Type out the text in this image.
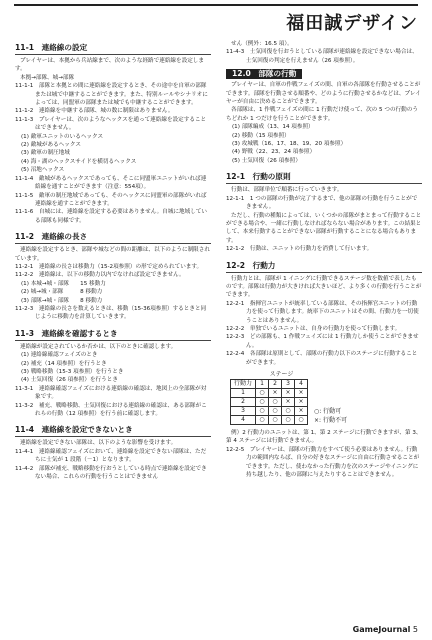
福田誠デザイン
11-1　連絡線の設定
プレイヤーは、本拠から兵站線まで、次のような経路で連絡線を設定します。
本拠→部隊、城→部隊
11-1-1　部隊と本拠との間に連絡線を設定するとき、その途中を自軍の部隊または城で中継することができます。また、特別ルールやシナリオによっては、同盟軍の部隊または城でも中継することができます。
11-1-2　連絡線を中継する部隊、城の数に制限はありません。
11-1-3　プレイヤーは、次のようなヘックスを通って連絡線を設定することはできません。
(1) 敵軍ユニットのいるヘックス
(2) 敵城があるヘックス
(3) 敵軍の制圧地域
(4) 海・湖のヘックスサイドを横切るヘックス
(5) 沼地ヘックス
11-1-4　敵城があるヘックスであっても、そこに同盟軍ユニットがいれば連絡線を通すことができます（注意：554項）。
11-1-5　敵軍の制圧地域であっても、そのヘックスに同盟軍の部隊がいれば連絡線を通すことができます。
11-1-6　自城には、連絡線を設定する必要はありません。自城に地域している部隊も同様です。
11-2　連絡線の長さ
連絡線を設定するとき、部隊や城などの間の距離は、以下のように制限されています。
11-2-1　連絡線の長さは移動力（15-2項参照）の形で定められています。
11-2-2　連絡線は、以下の移動力以内でなければ設定できません。
(1) 本城→城・部隊　　15 移動力
(2) 城→城・部隊　　　8 移動力
(3) 部隊→城・部隊　　8 移動力
11-2-3　連絡線の長さを数えるときは、移動（15-36項参照）するときと同じように移動力を計算していきます。
11-3　連絡線を確認するとき
連絡線が設定されているか否かは、以下のときに確認します。
(1) 連絡線確認フェイズのとき
(2) 補充（14 項参照）を行うとき
(3) 戦略移動（15-3 項参照）を行うとき
(4) 士気回復（26 項参照）を行うとき
11-3-1　連絡線確認フェイズにおける連絡線の確認は、地図上の全部隊が対象です。
11-3-2　補充、戦略移動、士気回復における連絡線の確認は、ある部隊がこれらの行動（12 項参照）を行う前に確認します。
11-4　連絡線を設定できないとき
連絡線を設定できない部隊は、以下のような影響を受けます。
11-4-1　連絡線確認フェイズにおいて、連絡線を設定できない部隊は、ただちに士気が 1 段階（－1）となります。
11-4-2　部隊が補充、戦略移動を行おうとしている時点で連絡線を設定できない場合、これらの行動を行うことはできません
せん（例外：16.5 項）。
11-4-3　士気回復を行おうとしている部隊が連絡線を設定できない場合は、士気回復の判定を行えません（26 項参照）。
12.0　部隊の行動
プレイヤーは、自軍の作戦フェイズの間、自軍の各部隊を行動させることができます。部隊を行動させる順番や、どのように行動させるかなどは、プレイヤーが自由に決めることができます。
各部隊は、1 作戦フェイズの間に 1 行動だけ使って、次の 5 つの行動のうちどれか 1 つだけを行うことができます。
(1) 部隊編成（13、14 項参照）
(2) 移動（15 項参照）
(3) 攻城戦（16、17、18、19、20 項参照）
(4) 野戦（22、23、24 項参照）
(5) 士気回復（26 項参照）
12-1　行動の原則
行動は、部隊単位で順番に行っていきます。
12-1-1　1 つの部隊の行動が完了するまで、他の部隊の行動を行うことができません。
ただし、行動の種類によっては、いくつかの部隊がまとまって行動することができる場合や、一緒に行動しなければならない場合があります。この結果として、本来行動することができない部隊が行動することになる場合もあります。
12-1-2　行動は、ユニットの行動力を消費して行います。
12-2　行動力
行動力とは、部隊が 1 イニングに行動できるステージ数を数値で表したものです。部隊は行動力が大きければ大きいほど、より多くの行動を行うことができます。
12-2-1　指揮官ユニットが統率している部隊は、その指揮官ユニットの行動力を使って行動します。統率下のユニットはその間、行動力を一切使うことはありません。
12-2-2　単独でいるユニットは、自身の行動力を使って行動します。
12-2-3　どの部隊も、1 作戦フェイズには 1 行動力しか使うことができません。
12-2-4　各部隊は原則として、部隊の行動力以下のステージに行動することができます。
	ステージ			
行動力	1	2	3	4
1	○	×	×	×
2	○	○	×	×
3	○	○	○	×
4	○	○	○	○
○: 行動可
×: 行動不可
例）2 行動力のユニットは、第 1、第 2 ステージに行動できますが、第 3、第 4 ステージには行動できません。
12-2-5　プレイヤーは、部隊の行動力をすべて使う必要はありません。行動力の範囲内ならば、自分の好きなステージに自由に行動させることができます。ただし、使わなかった行動力を次のステージやイニングに持ち越したり、他の部隊に与えたりすることはできません。
GameJournal 5
